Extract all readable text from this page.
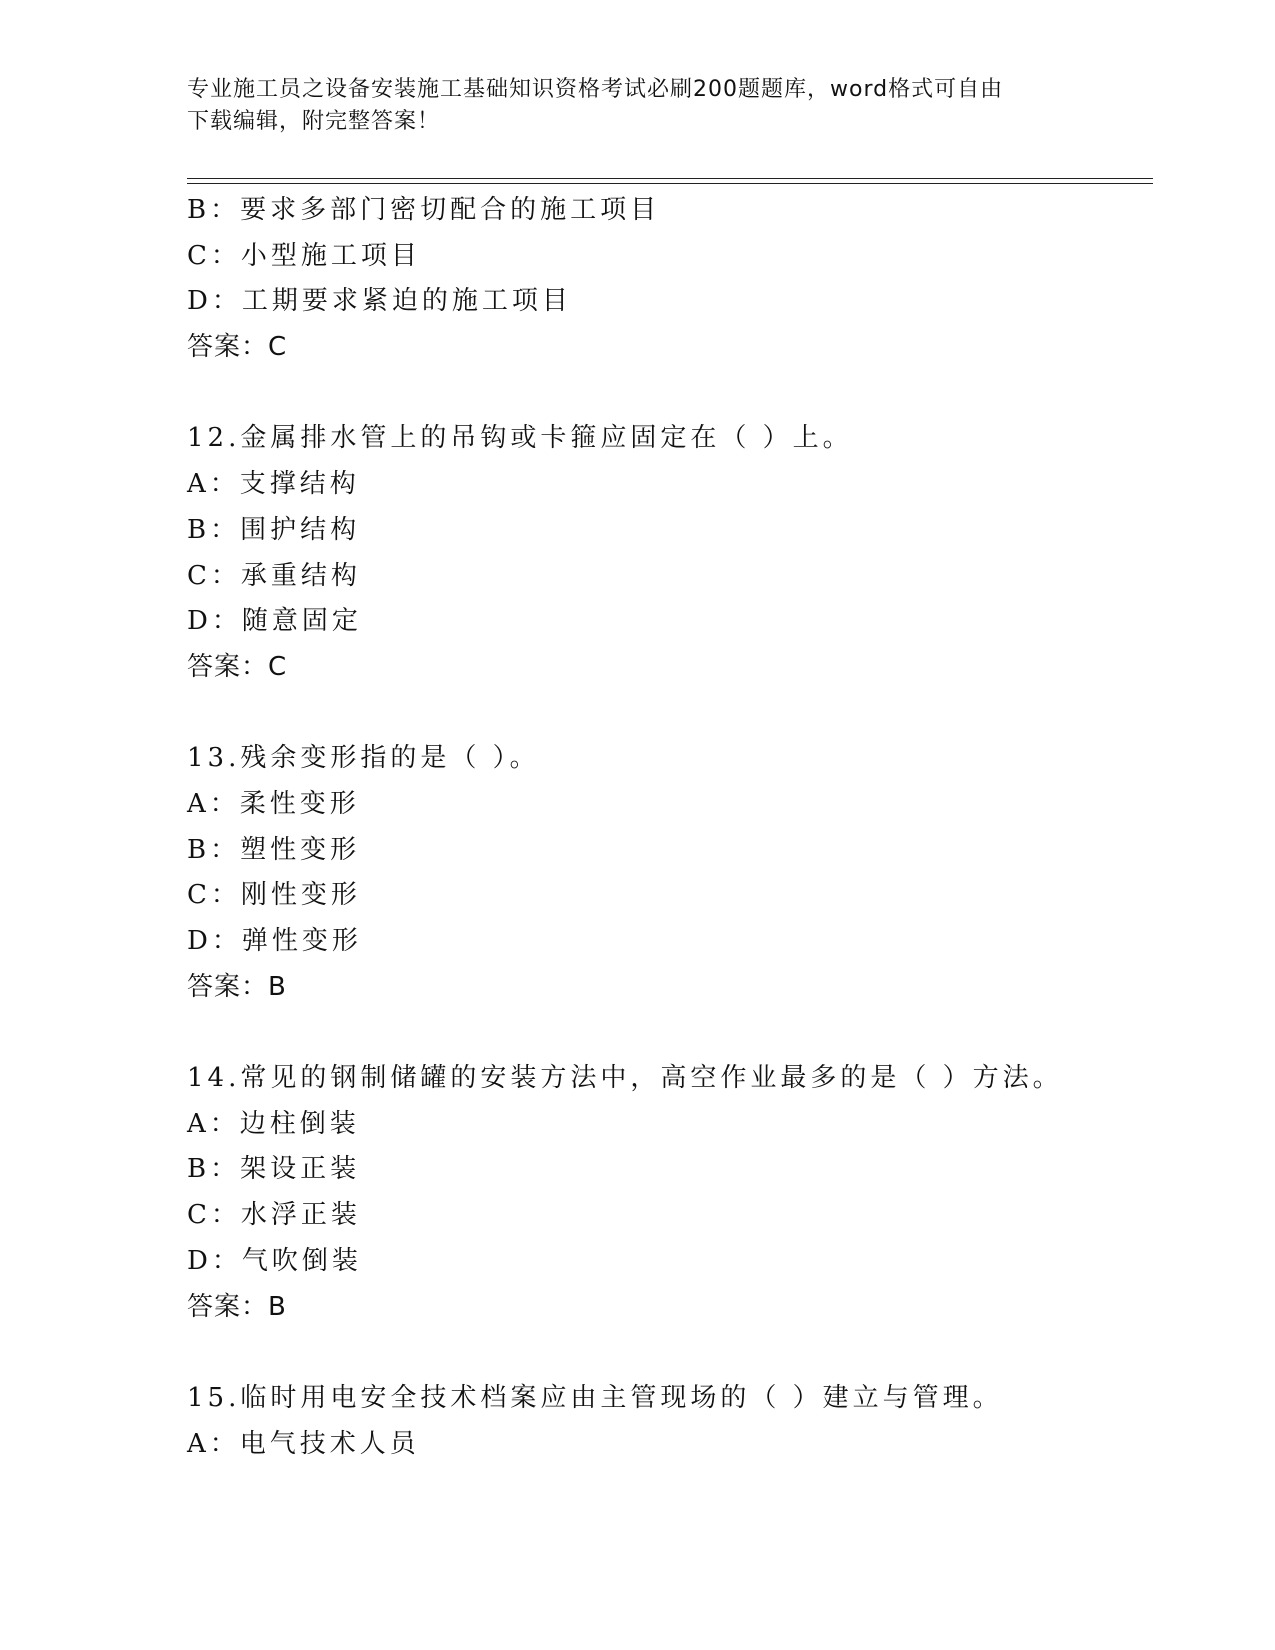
专业施工员之设备安装施工基础知识资格考试必刷200题题库，word格式可自由
下载编辑，附完整答案！
B：要求多部门密切配合的施工项目
C：小型施工项目
D：工期要求紧迫的施工项目
答案：C
12.金属排水管上的吊钩或卡箍应固定在（ ）上。
A：支撑结构
B：围护结构
C：承重结构
D：随意固定
答案：C
13.残余变形指的是（ ）。
A：柔性变形
B：塑性变形
C：刚性变形
D：弹性变形
答案：B
14.常见的钢制储罐的安装方法中，高空作业最多的是（ ）方法。
A：边柱倒装
B：架设正装
C：水浮正装
D：气吹倒装
答案：B
15.临时用电安全技术档案应由主管现场的（ ）建立与管理。
A：电气技术人员
